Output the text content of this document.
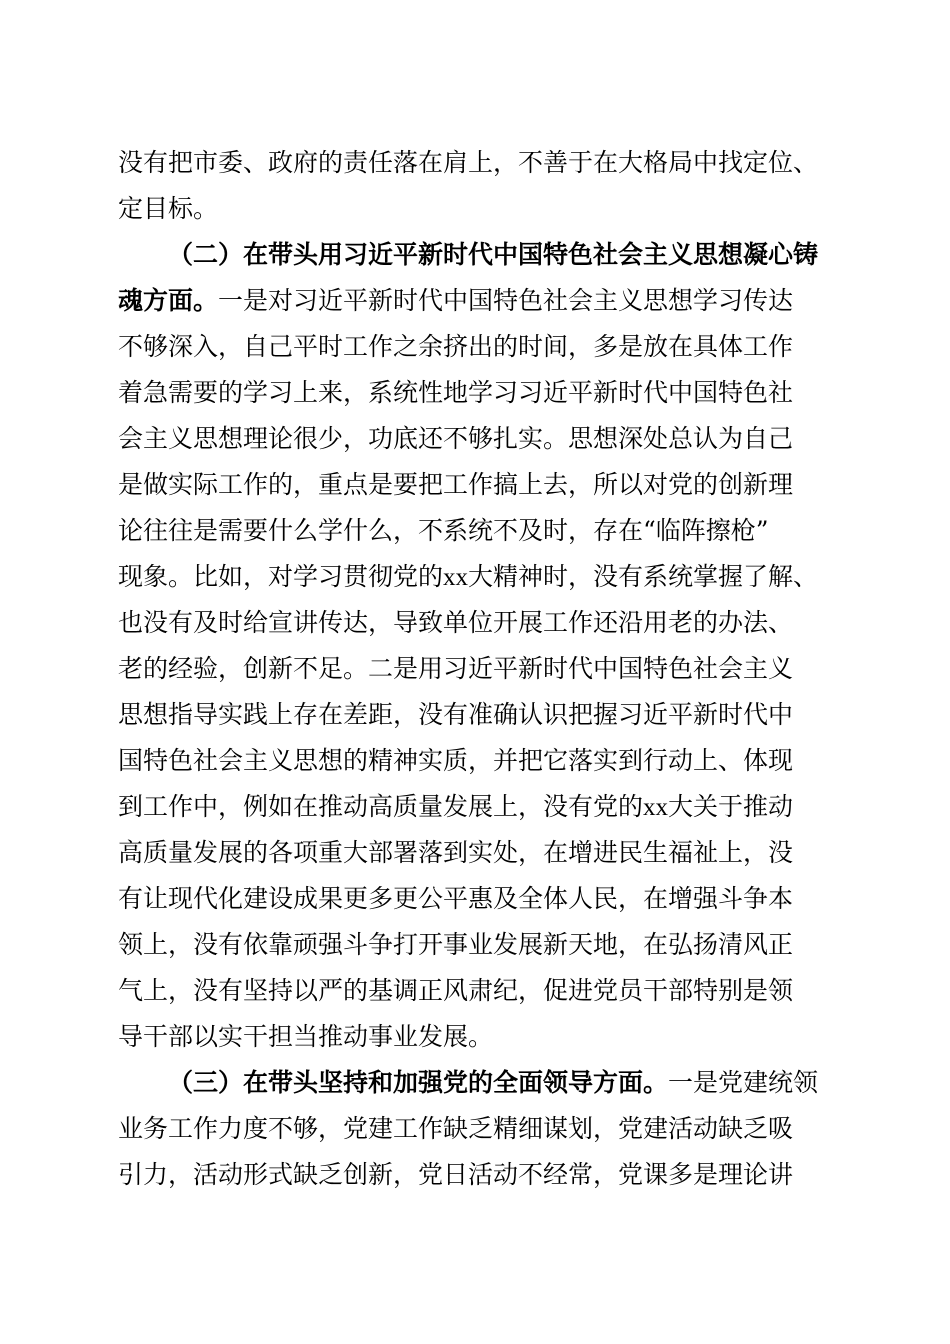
没有把市委、政府的责任落在肩上，不善于在大格局中找定位、
定目标。
（二）在带头用习近平新时代中国特色社会主义思想凝心铸
魂方面。一是对习近平新时代中国特色社会主义思想学习传达
不够深入，自己平时工作之余挤出的时间，多是放在具体工作
着急需要的学习上来，系统性地学习习近平新时代中国特色社
会主义思想理论很少，功底还不够扎实。思想深处总认为自己
是做实际工作的，重点是要把工作搞上去，所以对党的创新理
论往往是需要什么学什么，不系统不及时，存在“临阵擦枪”
现象。比如，对学习贯彻党的xx大精神时，没有系统掌握了解、
也没有及时给宣讲传达，导致单位开展工作还沿用老的办法、
老的经验，创新不足。二是用习近平新时代中国特色社会主义
思想指导实践上存在差距，没有准确认识把握习近平新时代中
国特色社会主义思想的精神实质，并把它落实到行动上、体现
到工作中，例如在推动高质量发展上，没有党的xx大关于推动
高质量发展的各项重大部署落到实处，在增进民生福祉上，没
有让现代化建设成果更多更公平惠及全体人民，在增强斗争本
领上，没有依靠顽强斗争打开事业发展新天地，在弘扬清风正
气上，没有坚持以严的基调正风肃纪，促进党员干部特别是领
导干部以实干担当推动事业发展。
（三）在带头坚持和加强党的全面领导方面。一是党建统领
业务工作力度不够，党建工作缺乏精细谋划，党建活动缺乏吸
引力，活动形式缺乏创新，党日活动不经常，党课多是理论讲
